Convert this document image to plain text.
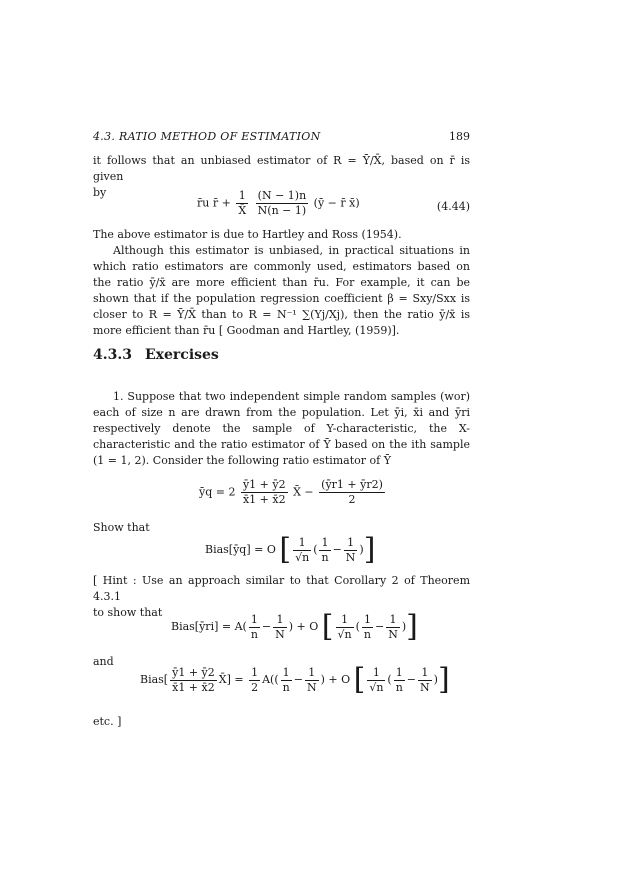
4.3. RATIO METHOD OF ESTIMATION	189
it follows that an unbiased estimator of R = Ȳ/X̄, based on r̄ is given
by
r̄u r̄ + $\frac{1}{X̄}$
$\frac{(N - 1)n}{N(n - 1)}$ (ȳ − r̄ x̄)	(4.44)
The above estimator is due to Hartley and Ross (1954).
Although this estimator is unbiased, in practical situations in which ratio estimators are commonly used, estimators based on the ratio ȳ/x̄ are more efficient than r̄u. For example, it can be shown that if the population regression coefficient β = Sxy/Sxx is closer to R = Ȳ/X̄ than to R = N⁻¹ ∑(Yj/Xj), then the ratio ȳ/x̄ is more efficient than r̄u [ Goodman and Hartley, (1959)].
4.3.3 Exercises
1. Suppose that two independent simple random samples (wor) each of size n are drawn from the population. Let ȳi, x̄i and ȳri respectively denote the sample of Y-characteristic, the X-characteristic and the ratio estimator of Ȳ based on the ith sample (1 = 1, 2). Consider the following ratio estimator of Ȳ
ȳq = $2 \frac{ȳ1 + ȳ2}{x̄1 + x̄2}$ X̄ − $\frac{(ȳr1 + ȳr2)}{2}$
Show that
Bias[ȳq] = O [ $\frac{1}{√n}$ ( $\frac{1}{n} - \frac{1}{N}$ )]
[ Hint : Use an approach similar to that Corollary 2 of Theorem 4.3.1
to show that
Bias[ȳri] = $A( \frac{1}{n} - \frac{1}{N}$ ) + O [ $\frac{1}{√n}$ ( $\frac{1}{n} - \frac{1}{N}$ )]
and
Bias[ $\frac{ȳ1 + ȳ2}{x̄1 + x̄2}$ X̄] = $\frac{1}{2} A(( \frac{1}{n} - \frac{1}{N}$ ) + O [ $\frac{1}{√n}$ ( $\frac{1}{n} - \frac{1}{N}$ )]
etc. ]
